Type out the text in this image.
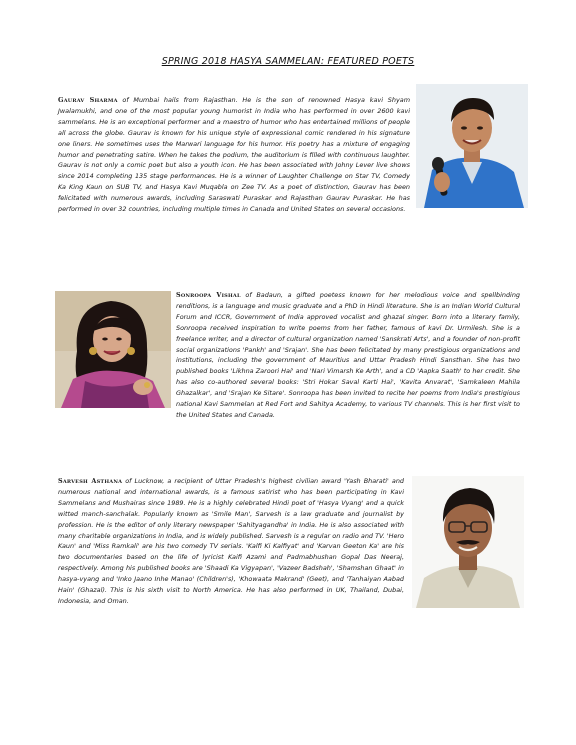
SPRING 2018 HASYA SAMMELAN: FEATURED POETS
Gaurav Sharma of Mumbai hails from Rajasthan. He is the son of renowned Hasya kavi Shyam Jwalamukhi, and one of the most popular young humorist in India who has performed in over 2600 kavi sammelans. He is an exceptional performer and a maestro of humor who has entertained millions of people all across the globe. Gaurav is known for his unique style of expressional comic rendered in his signature one liners. He sometimes uses the Marwari language for his humor. His poetry has a mixture of engaging humor and penetrating satire. When he takes the podium, the auditorium is filled with continuous laughter. Gaurav is not only a comic poet but also a youth icon. He has been associated with Johny Lever live shows since 2014 completing 135 stage performances. He is a winner of Laughter Challenge on Star TV, Comedy Ka King Kaun on SUB TV, and Hasya Kavi Muqabla on Zee TV. As a poet of distinction, Gaurav has been felicitated with numerous awards, including Saraswati Puraskar and Rajasthan Gaurav Puraskar. He has performed in over 32 countries, including multiple times in Canada and United States on several occasions.
Sonroopa Vishal of Badaun, a gifted poetess known for her melodious voice and spellbinding renditions, is a language and music graduate and a PhD in Hindi literature. She is an Indian World Cultural Forum and ICCR, Government of India approved vocalist and ghazal singer. Born into a literary family, Sonroopa received inspiration to write poems from her father, famous of kavi Dr. Urmilesh. She is a freelance writer, and a director of cultural organization named 'Sanskrati Arts', and a founder of non-profit social organizations 'Pankh' and 'Srajan'. She has been felicitated by many prestigious organizations and institutions, including the government of Mauritius and Uttar Pradesh Hindi Sansthan. She has two published books 'Likhna Zaroori Hai' and 'Nari Vimarsh Ke Arth', and a CD 'Aapka Saath' to her credit. She has also co-authored several books: 'Stri Hokar Saval Karti Hai', 'Kavita Anvarat', 'Samkaleen Mahila Ghazalkar', and 'Srajan Ke Sitare'. Sonroopa has been invited to recite her poems from India's prestigious national Kavi Sammelan at Red Fort and Sahitya Academy, to various TV channels. This is her first visit to the United States and Canada.
Sarvesh Asthana of Lucknow, a recipient of Uttar Pradesh's highest civilian award 'Yash Bharati' and numerous national and international awards, is a famous satirist who has been participating in Kavi Sammelans and Mushairas since 1989. He is a highly celebrated Hindi poet of 'Hasya Vyang' and a quick witted manch-sanchalak. Popularly known as 'Smile Man', Sarvesh is a law graduate and journalist by profession. He is the editor of only literary newspaper 'Sahityagandha' in India. He is also associated with many charitable organizations in India, and is widely published. Sarvesh is a regular on radio and TV. 'Hero Kaun' and 'Miss Ramkali' are his two comedy TV serials. 'Kalfi Ki Kalfiyat' and 'Karvan Geeton Ka' are his two documentaries based on the life of lyricist Kaifi Azami and Padmabhushan Gopal Das Neeraj, respectively. Among his published books are 'Shaadi Ka Vigyapan', 'Vazeer Badshah', 'Shamshan Ghaat' in hasya-vyang and 'Inko Jaano Inhe Manao' (Children's), 'Khowaata Makrand' (Geet), and 'Tanhaiyan Aabad Hain' (Ghazal). This is his sixth visit to North America. He has also performed in UK, Thailand, Dubai, Indonesia, and Oman.
